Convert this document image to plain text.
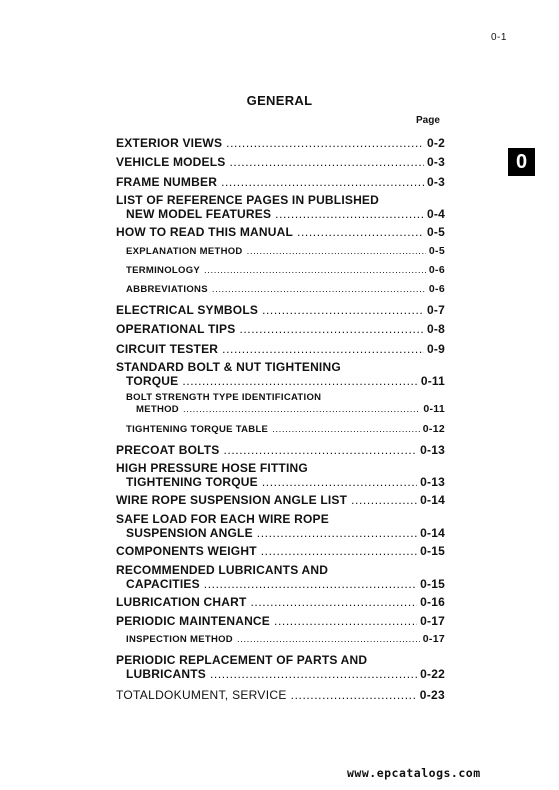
0-1
GENERAL
Page
0
EXTERIOR VIEWS .....	0-2
VEHICLE MODELS .....	0-3
FRAME NUMBER .....	0-3
LIST OF REFERENCE PAGES IN PUBLISHED
NEW MODEL FEATURES .....	0-4
HOW TO READ THIS MANUAL .....	0-5
EXPLANATION METHOD .....	0-5
TERMINOLOGY .....	0-6
ABBREVIATIONS .....	0-6
ELECTRICAL SYMBOLS .....	0-7
OPERATIONAL TIPS .....	0-8
CIRCUIT TESTER .....	0-9
STANDARD BOLT & NUT TIGHTENING
TORQUE .....	0-11
BOLT STRENGTH TYPE IDENTIFICATION
METHOD .....	0-11
TIGHTENING TORQUE TABLE .....	0-12
PRECOAT BOLTS .....	0-13
HIGH PRESSURE HOSE FITTING
TIGHTENING TORQUE .....	0-13
WIRE ROPE SUSPENSION ANGLE LIST .....	0-14
SAFE LOAD FOR EACH WIRE ROPE
SUSPENSION ANGLE .....	0-14
COMPONENTS WEIGHT .....	0-15
RECOMMENDED LUBRICANTS AND
CAPACITIES .....	0-15
LUBRICATION CHART .....	0-16
PERIODIC MAINTENANCE .....	0-17
INSPECTION METHOD .....	0-17
PERIODIC REPLACEMENT OF PARTS AND
LUBRICANTS .....	0-22
TOTALDOKUMENT, SERVICE .....	0-23
www.epcatalogs.com
